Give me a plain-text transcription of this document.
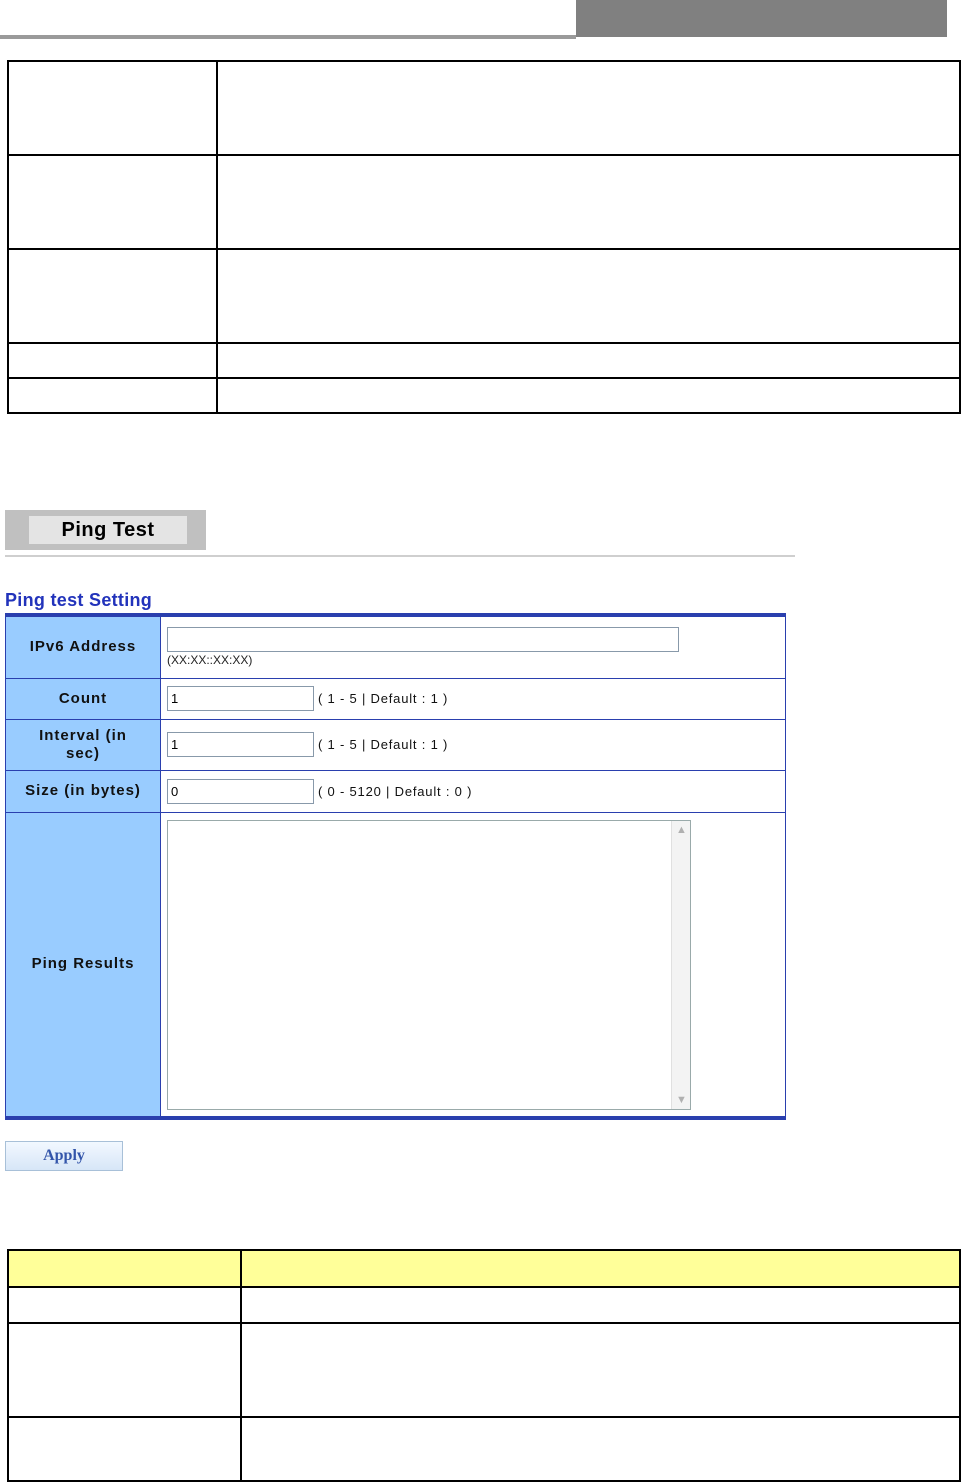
Ping Test
Ping test Setting
IPv6 Address	(XX:XX::XX:XX)

Count	1( 1 - 5 | Default : 1 )
Interval (in
sec)	1( 1 - 5 | Default : 1 )
Size (in bytes)	0( 0 - 5120 | Default : 0 )
Ping Results	▲
▼
Apply
